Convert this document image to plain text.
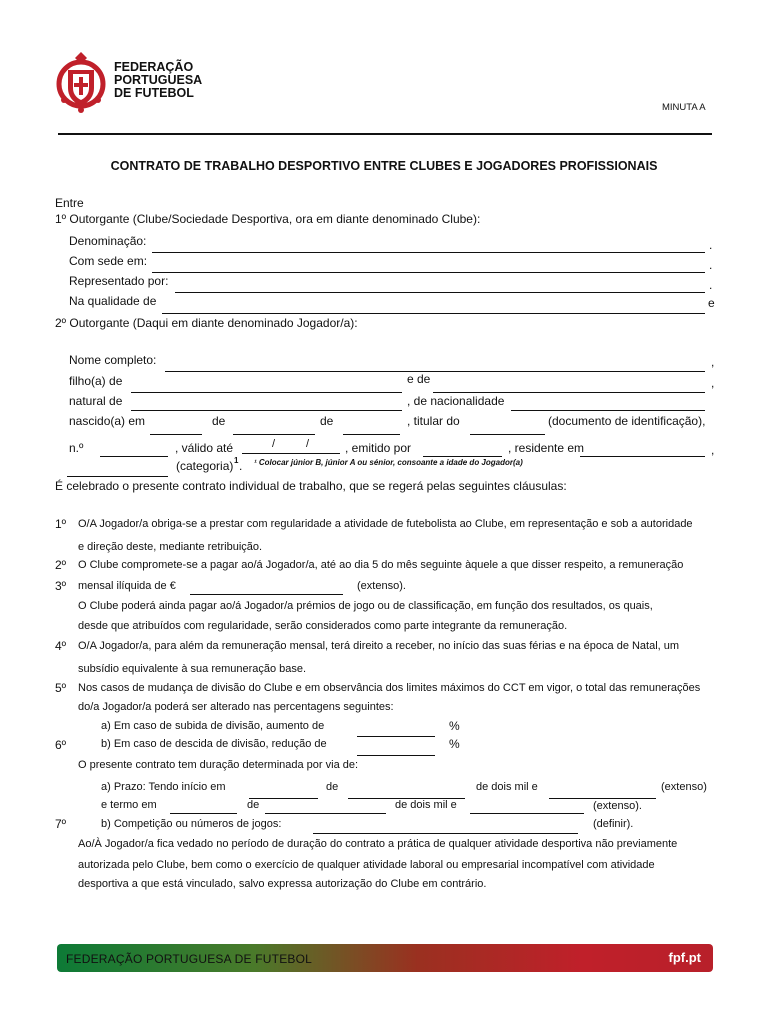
FEDERAÇÃO
PORTUGUESA
DE FUTEBOL
MINUTA A
CONTRATO DE TRABALHO DESPORTIVO ENTRE CLUBES E JOGADORES PROFISSIONAIS
Entre
1º Outorgante (Clube/Sociedade Desportiva, ora em diante denominado Clube):
Denominação:	.
Com sede em:	.
Representado por:	.
Na qualidade de	e
2º Outorgante (Daqui em diante denominado Jogador/a):
Nome completo:	,
filho(a) de	e de	,
natural de	, de nacionalidade
nascido(a) em	de	de	, titular do	(documento de identificação),
n.º	, válido até	/	/	, emitido por	, residente em	,
(categoria) 1 . ¹ Colocar júnior B, júnior A ou sénior, consoante a idade do Jogador(a)
É celebrado o presente contrato individual de trabalho, que se regerá pelas seguintes cláusulas:
1º O/A Jogador/a obriga-se a prestar com regularidade a atividade de futebolista ao Clube, em representação e sob a autoridade
e direção deste, mediante retribuição.
2º O Clube compromete-se a pagar ao/á Jogador/a, até ao dia 5 do mês seguinte àquele a que disser respeito, a remuneração
3º mensal ilíquida de €	(extenso).
O Clube poderá ainda pagar ao/á Jogador/a prémios de jogo ou de classificação, em função dos resultados, os quais,
desde que atribuídos com regularidade, serão considerados como parte integrante da remuneração.
4º O/A Jogador/a, para além da remuneração mensal, terá direito a receber, no início das suas férias e na época de Natal, um
subsídio equivalente à sua remuneração base.
5º Nos casos de mudança de divisão do Clube e em observância dos limites máximos do CCT em vigor, o total das remunerações
do/a Jogador/a poderá ser alterado nas percentagens seguintes:
a) Em caso de subida de divisão, aumento de	%
6º	b) Em caso de descida de divisão, redução de	%
O presente contrato tem duração determinada por via de:
a) Prazo: Tendo início em	de	de dois mil e	(extenso)
e termo em	de	de dois mil e	(extenso).
7º	b) Competição ou números de jogos:	(definir).
Ao/À Jogador/a fica vedado no período de duração do contrato a prática de qualquer atividade desportiva não previamente
autorizada pelo Clube, bem como o exercício de qualquer atividade laboral ou empresarial incompatível com atividade
desportiva a que está vinculado, salvo expressa autorização do Clube em contrário.
FEDERAÇÃO PORTUGUESA DE FUTEBOL	fpf.pt
